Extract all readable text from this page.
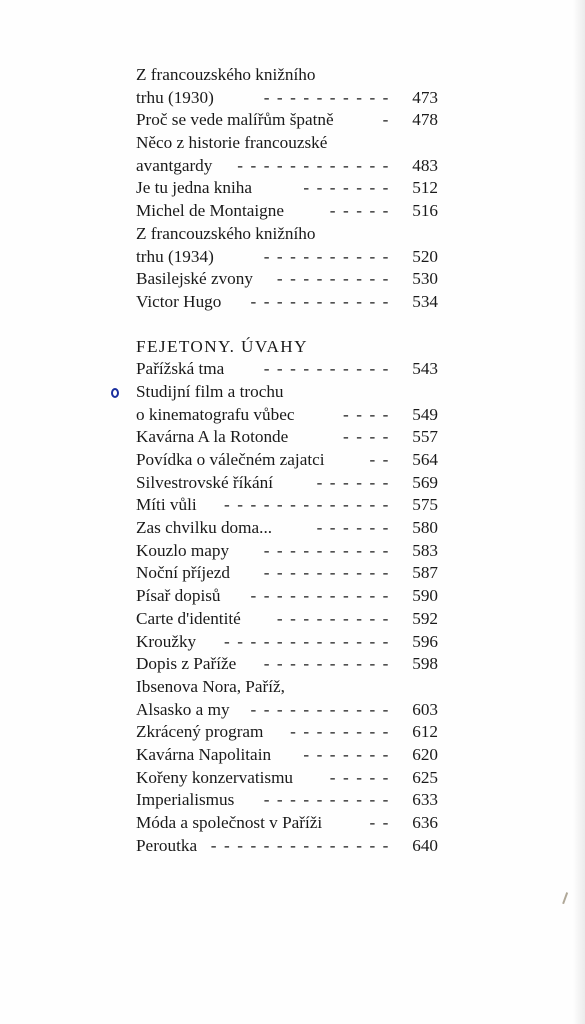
Z francouzského knižního
trhu (1930)	- - - - - - - - - - 473
Proč se vede malířům špatně	- 478
Něco z historie francouzské
avantgardy	- - - - - - - - - - - - 483
Je tu jedna kniha	- - - - - - - 512
Michel de Montaigne	- - - - - 516
Z francouzského knižního
trhu (1934)	- - - - - - - - - - 520
Basilejské zvony	- - - - - - - - - 530
Victor Hugo	- - - - - - - - - - - 534
FEJETONY. ÚVAHY
Pařížská tma	- - - - - - - - - - 543
Studijní film a trochu
o kinematografu vůbec	- - - - 549
Kavárna A la Rotonde	- - - - 557
Povídka o válečném zajatci	- - 564
Silvestrovské říkání	- - - - - - 569
Míti vůli	- - - - - - - - - - - - - 575
Zas chvilku doma...	- - - - - - 580
Kouzlo mapy	- - - - - - - - - - 583
Noční příjezd	- - - - - - - - - - 587
Písař dopisů	- - - - - - - - - - - 590
Carte d'identité	- - - - - - - - - 592
Kroužky	- - - - - - - - - - - - - 596
Dopis z Paříže	- - - - - - - - - - 598
Ibsenova Nora, Paříž,
Alsasko a my	- - - - - - - - - - - 603
Zkrácený program	- - - - - - - - 612
Kavárna Napolitain	- - - - - - - 620
Kořeny konzervatismu	- - - - - 625
Imperialismus	- - - - - - - - - - 633
Móda a společnost v Paříži	- - 636
Peroutka - - - - - - - - - - - - - - 640
